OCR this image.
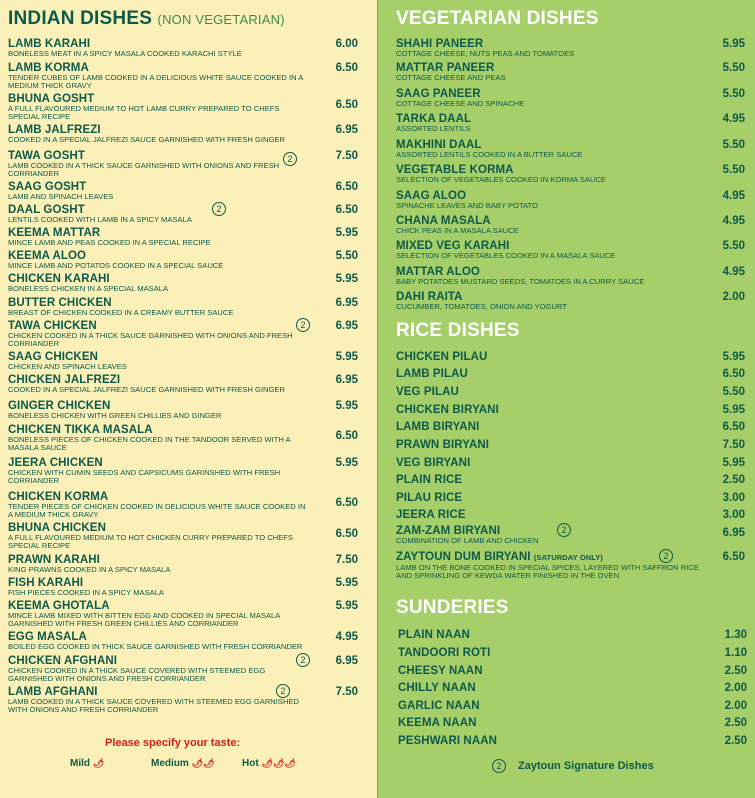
INDIAN DISHES (NON VEGETARIAN)
LAMB KARAHI
BONELESS MEAT IN A SPICY MASALA COOKED KARACHI STYLE
6.00
LAMB KORMA
TENDER CUBES OF LAMB COOKED IN A DELICIOUS WHITE SAUCE COOKED IN A MEDIUM THICK GRAVY
6.50
BHUNA GOSHT
A FULL FLAVOURED MEDIUM TO HOT LAMB CURRY PREPARED TO CHEFS SPECIAL RECIPE
6.50
LAMB JALFREZI
COOKED IN A SPECIAL JALFREZI SAUCE GARNISHED WITH FRESH GINGER
6.95
TAWA GOSHT
LAMB COOKED IN A THICK SAUCE GARNISHED WITH ONIONS AND FRESH CORRIANDER
7.50
2
SAAG GOSHT
LAMB AND SPINACH LEAVES
6.50
DAAL GOSHT
LENTILS COOKED WITH LAMB IN A SPICY MASALA
6.50
2
KEEMA MATTAR
MINCE LAMB AND PEAS COOKED IN A SPECIAL RECIPE
5.95
KEEMA ALOO
MINCE LAMB AND POTATOS COOKED IN A SPECIAL SAUCE
5.50
CHICKEN KARAHI
BONELESS CHICKEN IN A SPECIAL MASALA
5.95
BUTTER CHICKEN
BREAST OF CHICKEN COOKED IN A CREAMY BUTTER SAUCE
6.95
TAWA CHICKEN
CHICKEN COOKED IN A THICK SAUCE GARNISHED WITH ONIONS AND FRESH CORRIANDER
6.95
2
SAAG CHICKEN
CHICKEN AND SPINACH LEAVES
5.95
CHICKEN JALFREZI
COOKED IN A SPECIAL JALFREZI SAUCE GARNISHED WITH FRESH GINGER
6.95
GINGER CHICKEN
BONELESS CHICKEN WITH GREEN CHILLIES AND GINGER
5.95
CHICKEN TIKKA MASALA
BONELESS PIECES OF CHICKEN COOKED IN THE TANDOOR SERVED WITH A MASALA SAUCE
6.50
JEERA CHICKEN
CHICKEN WITH CUMIN SEEDS AND CAPSICUMS GARINSHED WITH FRESH CORRIANDER
5.95
CHICKEN KORMA
TENDER PIECES OF CHICKEN COOKED IN DELICIOUS WHITE SAUCE COOKED IN A MEDIUM THICK GRAVY
6.50
BHUNA CHICKEN
A FULL FLAVOURED MEDIUM TO HOT CHICKEN CURRY PREPARED TO CHEFS SPECIAL RECIPE
6.50
PRAWN KARAHI
KING PRAWNS COOKED IN A SPICY MASALA
7.50
FISH KARAHI
FISH PIECES COOKED IN A SPICY MASALA
5.95
KEEMA GHOTALA
MINCE LAMB MIXED WITH BITTEN EGG AND COOKED IN SPECIAL MASALA GARNISHED WITH FRESH GREEN CHILLIES AND CORRIANDER
5.95
EGG MASALA
BOILED EGG COOKED IN THICK SAUCE GARNISHED WITH FRESH CORRIANDER
4.95
CHICKEN AFGHANI
CHICKEN COOKED IN A THICK SAUCE COVERED WITH STEEMED EGG GARNISHED WITH ONIONS AND FRESH CORRIANDER
6.95
2
LAMB AFGHANI
LAMB COOKED IN A THICK SAUCE COVERED WITH STEEMED EGG GARNISHED WITH ONIONS AND FRESH CORRIANDER
7.50
2
Please specify your taste:
Mild 🌶	Medium 🌶🌶	Hot 🌶🌶🌶
VEGETARIAN DISHES
SHAHI PANEER
COTTAGE CHEESE, NUTS PEAS AND TOMATOES
5.95
MATTAR PANEER
COTTAGE CHEESE AND PEAS
5.50
SAAG PANEER
COTTAGE CHEESE AND SPINACHE
5.50
TARKA DAAL
ASSORTED LENTILS
4.95
MAKHINI DAAL
ASSORTED LENTILS COOKED IN A BUTTER SAUCE
5.50
VEGETABLE KORMA
SELECTION OF VEGETABLES COOKED IN KORMA SAUCE
5.50
SAAG ALOO
SPINACHE LEAVES AND BABY POTATO
4.95
CHANA MASALA
CHICK PEAS IN A MASALA SAUCE
4.95
MIXED VEG KARAHI
SELECTION OF VEGETABLES COOKED IN A MASALA SAUCE
5.50
MATTAR ALOO
BABY POTATOES MUSTARD SEEDS, TOMATOES IN A CURRY SAUCE
4.95
DAHI RAITA
CUCUMBER, TOMATOES, ONION AND YOGURT
2.00
RICE DISHES
CHICKEN PILAU	5.95
LAMB PILAU	6.50
VEG PILAU	5.50
CHICKEN BIRYANI	5.95
LAMB BIRYANI	6.50
PRAWN BIRYANI	7.50
VEG BIRYANI	5.95
PLAIN RICE	2.50
PILAU RICE	3.00
JEERA RICE	3.00
ZAM-ZAM BIRYANI
COMBINATION OF LAMB AND CHICKEN
6.95
2
ZAYTOUN DUM BIRYANI (SATURDAY ONLY)
LAMB ON THE BONE COOKED IN SPECIAL SPICES, LAYERED WITH SAFFRON RICE AND SPRINKLING OF KEWDA WATER FINISHED IN THE OVEN
6.50
2
SUNDERIES
PLAIN NAAN	1.30
TANDOORI ROTI	1.10
CHEESY NAAN	2.50
CHILLY NAAN	2.00
GARLIC NAAN	2.00
KEEMA NAAN	2.50
PESHWARI NAAN	2.50
2	Zaytoun Signature Dishes
